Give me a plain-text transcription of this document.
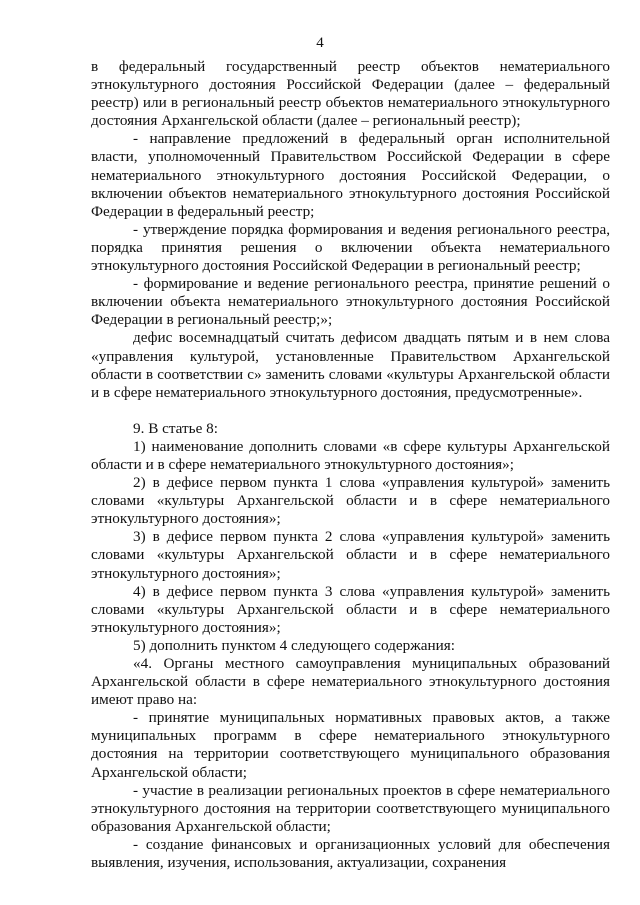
4

в федеральный государственный реестр объектов нематериального этнокультурного достояния Российской Федерации (далее – федеральный реестр) или в региональный реестр объектов нематериального этнокультурного достояния Архангельской области (далее – региональный реестр);

- направление предложений в федеральный орган исполнительной власти, уполномоченный Правительством Российской Федерации в сфере нематериального этнокультурного достояния Российской Федерации, о включении объектов нематериального этнокультурного достояния Российской Федерации в федеральный реестр;

- утверждение порядка формирования и ведения регионального реестра, порядка принятия решения о включении объекта нематериального этнокультурного достояния Российской Федерации в региональный реестр;

- формирование и ведение регионального реестра, принятие решений о включении объекта нематериального этнокультурного достояния Российской Федерации в региональный реестр;»;

дефис восемнадцатый считать дефисом двадцать пятым и в нем слова «управления культурой, установленные Правительством Архангельской области в соответствии с» заменить словами «культуры Архангельской области и в сфере нематериального этнокультурного достояния, предусмотренные».

9. В статье 8:

1) наименование дополнить словами «в сфере культуры Архангельской области и в сфере нематериального этнокультурного достояния»;

2) в дефисе первом пункта 1 слова «управления культурой» заменить словами «культуры Архангельской области и в сфере нематериального этнокультурного достояния»;

3) в дефисе первом пункта 2 слова «управления культурой» заменить словами «культуры Архангельской области и в сфере нематериального этнокультурного достояния»;

4) в дефисе первом пункта 3 слова «управления культурой» заменить словами «культуры Архангельской области и в сфере нематериального этнокультурного достояния»;

5) дополнить пунктом 4 следующего содержания:

«4. Органы местного самоуправления муниципальных образований Архангельской области в сфере нематериального этнокультурного достояния имеют право на:

- принятие муниципальных нормативных правовых актов, а также муниципальных программ в сфере нематериального этнокультурного достояния на территории соответствующего муниципального образования Архангельской области;

- участие в реализации региональных проектов в сфере нематериального этнокультурного достояния на территории соответствующего муниципального образования Архангельской области;

- создание финансовых и организационных условий для обеспечения выявления, изучения, использования, актуализации, сохранения
